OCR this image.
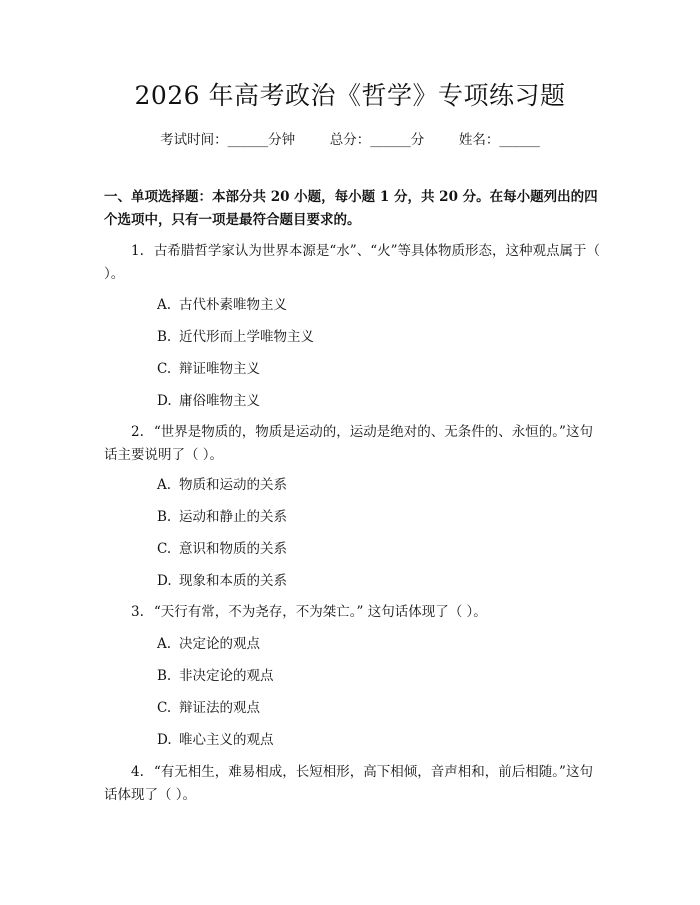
2026 年高考政治《哲学》专项练习题
考试时间：______分钟	总分：______分	姓名：______
一、单项选择题：本部分共 20 小题，每小题 1 分，共 20 分。在每小题列出的四个选项中，只有一项是最符合题目要求的。
1. 古希腊哲学家认为世界本源是“水”、“火”等具体物质形态，这种观点属于（ ）。
A. 古代朴素唯物主义
B. 近代形而上学唯物主义
C. 辩证唯物主义
D. 庸俗唯物主义
2. “世界是物质的，物质是运动的，运动是绝对的、无条件的、永恒的。”这句话主要说明了（ ）。
A. 物质和运动的关系
B. 运动和静止的关系
C. 意识和物质的关系
D. 现象和本质的关系
3. “天行有常，不为尧存，不为桀亡。” 这句话体现了（ ）。
A. 决定论的观点
B. 非决定论的观点
C. 辩证法的观点
D. 唯心主义的观点
4. “有无相生，难易相成，长短相形，高下相倾，音声相和，前后相随。”这句话体现了（ ）。
